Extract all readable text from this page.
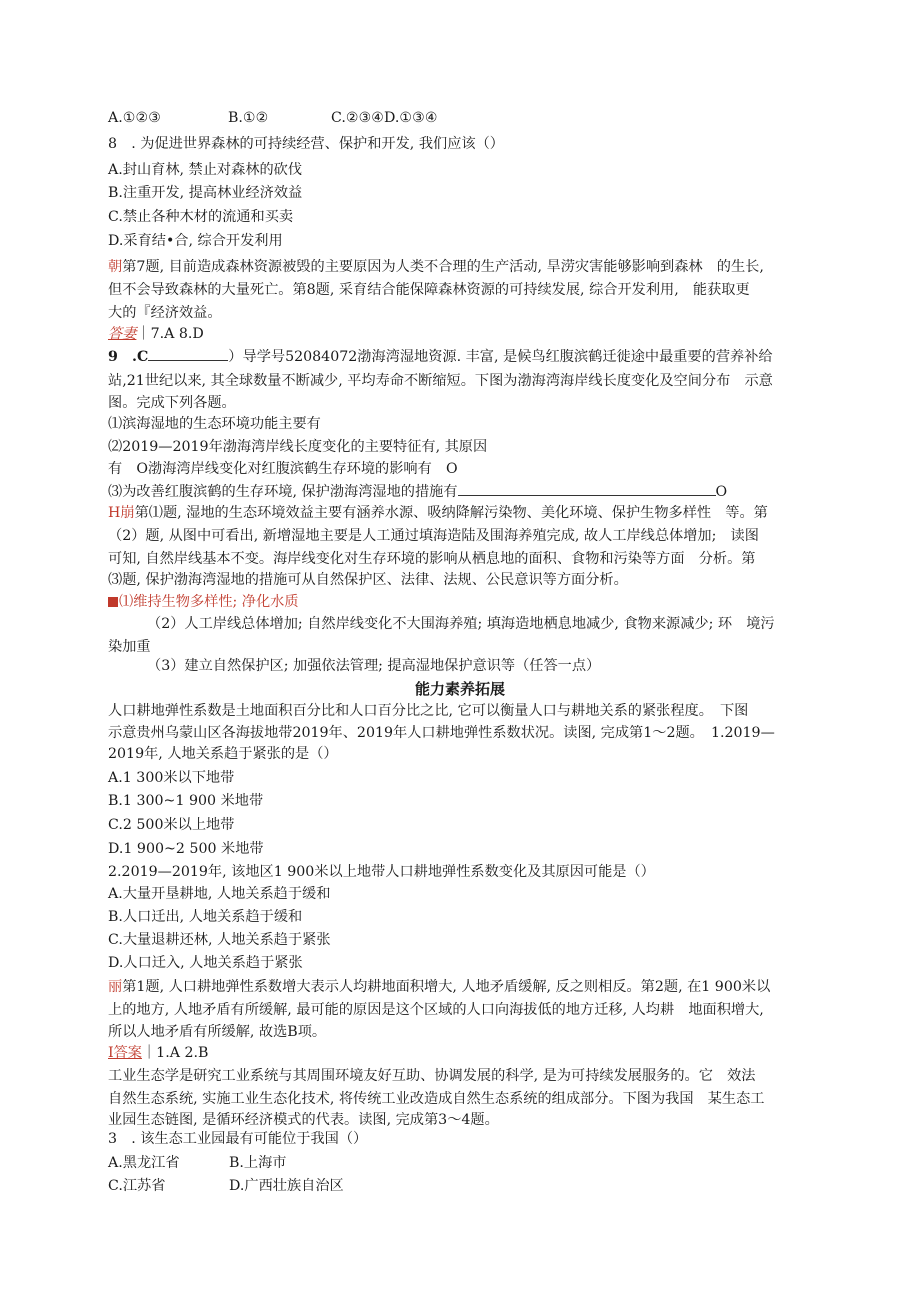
A.①②③	B.①②	C.②③④D.①③④
8　. 为促进世界森林的可持续经营、保护和开发, 我们应该（）
A.封山育林, 禁止对森林的砍伐
B.注重开发, 提高林业经济效益
C.禁止各种木材的流通和买卖
D.采育结•合, 综合开发利用
朝第7题, 目前造成森林资源被毁的主要原因为人类不合理的生产活动, 旱涝灾害能够影响到森林　的生长,
但不会导致森林的大量死亡。第8题, 采育结合能保障森林资源的可持续发展, 综合开发利用,　能获取更
大的『经济效益。
答妻｜7.A 8.D
9　.C	）导学号52084072渤海湾湿地资源. 丰富, 是候鸟红腹滨鹤迁徙途中最重要的营养补给
站,21世纪以来, 其全球数量不断减少, 平均寿命不断缩短。下图为渤海湾海岸线长度变化及空间分布　示意
图。完成下列各题。
⑴滨海湿地的生态环境功能主要有
⑵2019—2019年渤海湾岸线长度变化的主要特征有, 其原因
有　O渤海湾岸线变化对红腹滨鹤生存环境的影响有　O
⑶为改善红腹滨鹤的生存环境, 保护渤海湾湿地的措施有	O
H崩第⑴题, 湿地的生态环境效益主要有涵养水源、吸纳降解污染物、美化环境、保护生物多样性　等。第
（2）题, 从图中可看出, 新增湿地主要是人工通过填海造陆及围海养殖完成, 故人工岸线总体增加;　读图
可知, 自然岸线基本不变。海岸线变化对生存环境的影响从栖息地的面积、食物和污染等方面　分析。第
⑶题, 保护渤海湾湿地的措施可从自然保护区、法律、法规、公民意识等方面分析。
⑴维持生物多样性; 净化水质
（2）人工岸线总体增加; 自然岸线变化不大围海养殖; 填海造地栖息地减少, 食物来源减少; 环　境污
染加重
（3）建立自然保护区; 加强依法管理; 提高湿地保护意识等（任答一点）
能力素养拓展
人口耕地弹性系数是土地面积百分比和人口百分比之比, 它可以衡量人口与耕地关系的紧张程度。　下图
示意贵州乌蒙山区各海拔地带2019年、2019年人口耕地弹性系数状况。读图, 完成第1～2题。　1.2019—
2019年, 人地关系趋于紧张的是（）
A.1 300米以下地带
B.1 300~1 900 米地带
C.2 500米以上地带
D.1 900~2 500 米地带
2.2019—2019年, 该地区1 900米以上地带人口耕地弹性系数变化及其原因可能是（）
A.大量开垦耕地, 人地关系趋于缓和
B.人口迁出, 人地关系趋于缓和
C.大量退耕还林, 人地关系趋于紧张
D.人口迁入, 人地关系趋于紧张
丽第1题, 人口耕地弹性系数增大表示人均耕地面积增大, 人地矛盾缓解, 反之则相反。第2题, 在1 900米以
上的地方, 人地矛盾有所缓解, 最可能的原因是这个区域的人口向海拔低的地方迁移, 人均耕　地面积增大,
所以人地矛盾有所缓解, 故选B项。
I答案｜1.A 2.B
工业生态学是研究工业系统与其周围环境友好互助、协调发展的科学, 是为可持续发展服务的。它　效法
自然生态系统, 实施工业生态化技术, 将传统工业改造成自然生态系统的组成部分。下图为我国　某生态工
业园生态链图, 是循环经济模式的代表。读图, 完成第3～4题。
3　. 该生态工业园最有可能位于我国（）
A.黑龙江省	B.上海市
C.江苏省	D.广西壮族自治区
